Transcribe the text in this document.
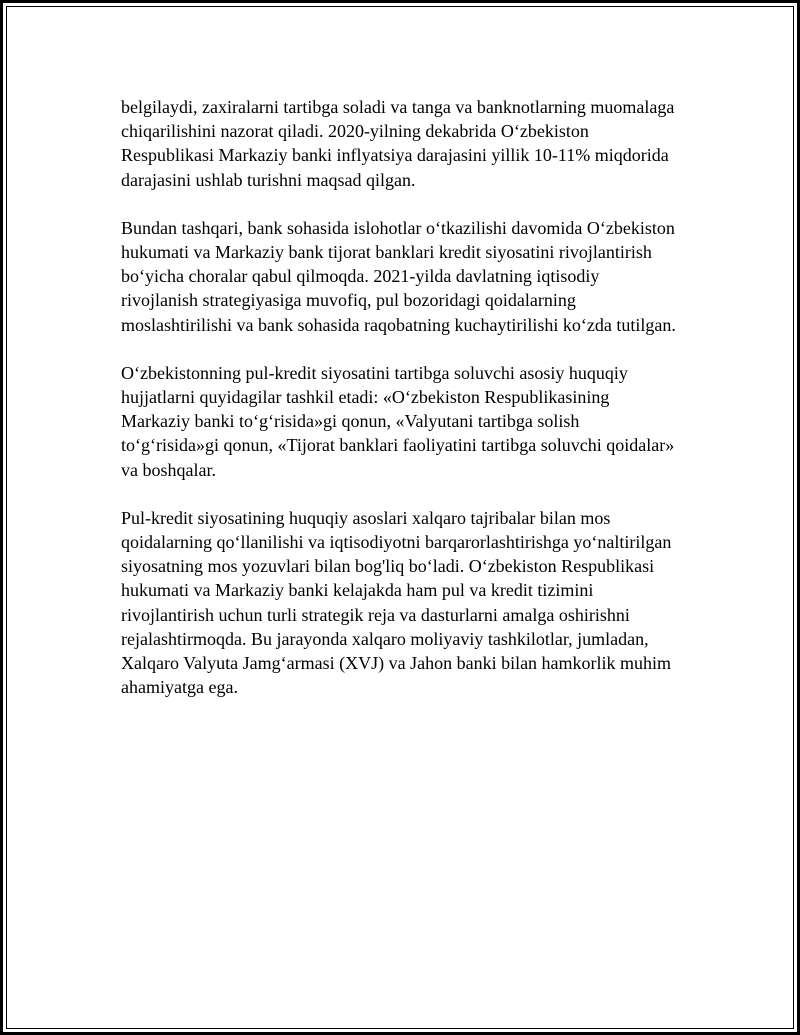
belgilaydi, zaxiralarni tartibga soladi va tanga va banknotlarning muomalaga
chiqarilishini nazorat qiladi. 2020-yilning dekabrida O‘zbekiston
Respublikasi Markaziy banki inflyatsiya darajasini yillik 10-11% miqdorida
darajasini ushlab turishni maqsad qilgan.

Bundan tashqari, bank sohasida islohotlar o‘tkazilishi davomida O‘zbekiston
hukumati va Markaziy bank tijorat banklari kredit siyosatini rivojlantirish
bo‘yicha choralar qabul qilmoqda. 2021-yilda davlatning iqtisodiy
rivojlanish strategiyasiga muvofiq, pul bozoridagi qoidalarning
moslashtirilishi va bank sohasida raqobatning kuchaytirilishi ko‘zda tutilgan.

O‘zbekistonning pul-kredit siyosatini tartibga soluvchi asosiy huquqiy
hujjatlarni quyidagilar tashkil etadi: «O‘zbekiston Respublikasining
Markaziy banki to‘g‘risida»gi qonun, «Valyutani tartibga solish
to‘g‘risida»gi qonun, «Tijorat banklari faoliyatini tartibga soluvchi qoidalar»
va boshqalar.

Pul-kredit siyosatining huquqiy asoslari xalqaro tajribalar bilan mos
qoidalarning qo‘llanilishi va iqtisodiyotni barqarorlashtirishga yo‘naltirilgan
siyosatning mos yozuvlari bilan bog'liq bo‘ladi. O‘zbekiston Respublikasi
hukumati va Markaziy banki kelajakda ham pul va kredit tizimini
rivojlantirish uchun turli strategik reja va dasturlarni amalga oshirishni
rejalashtirmoqda. Bu jarayonda xalqaro moliyaviy tashkilotlar, jumladan,
Xalqaro Valyuta Jamg‘armasi (XVJ) va Jahon banki bilan hamkorlik muhim
ahamiyatga ega.
